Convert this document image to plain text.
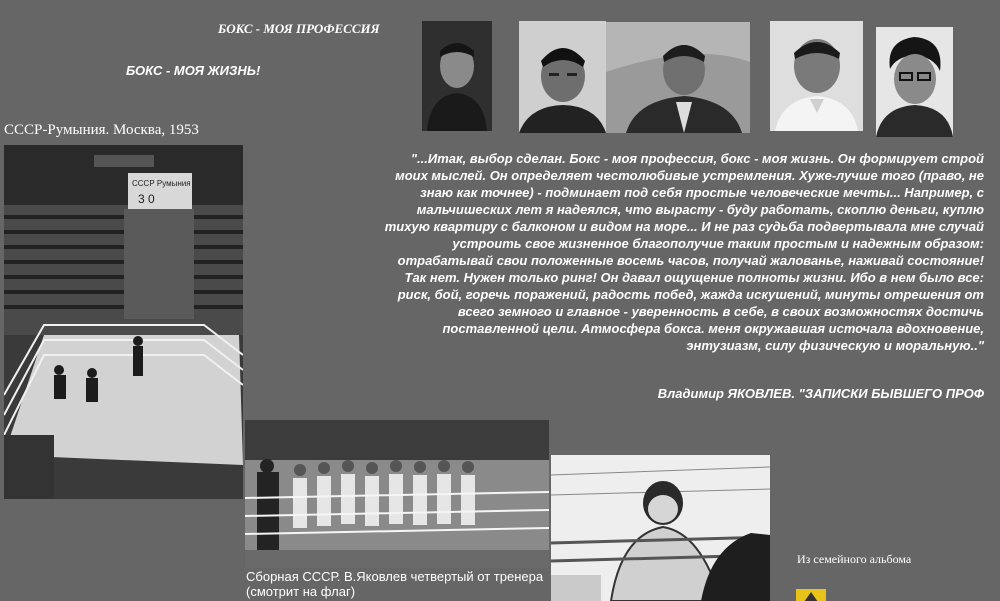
БОКС - МОЯ ПРОФЕССИЯ
БОКС - МОЯ ЖИЗНЬ!
СССР-Румыния. Москва, 1953
СССР Румыния
3 0
"...Итак, выбор сделан. Бокс - моя профессия, бокс - моя жизнь. Он формирует строй моих мыслей. Он определяет честолюбивые устремления. Хуже-лучше того (право, не знаю как точнее) - подминает под себя простые человеческие мечты... Например, с мальчишеских лет я надеялся, что вырасту - буду работать, скоплю деньги, куплю тихую квартиру с балконом и видом на море... И не раз судьба подвертывала мне случай устроить свое жизненное благополучие таким простым и надежным образом: отрабатывай свои положенные восемь часов, получай жалованье, наживай состояние! Так нет. Нужен только ринг! Он давал ощущение полноты жизни. Ибо в нем было все: риск, бой, горечь поражений, радость побед, жажда искушений, минуты отрешения от всего земного и главное - уверенность в себе, в своих возможностях достичь поставленной цели. Атмосфера бокса. меня окружавшая источала вдохновение, энтузиазм, силу физическую и моральную.."
Владимир ЯКОВЛЕВ. "ЗАПИСКИ БЫВШЕГО ПРОФ
Сборная СССР. В.Яковлев четвертый от тренера (смотрит на флаг)
Из семейного альбома
